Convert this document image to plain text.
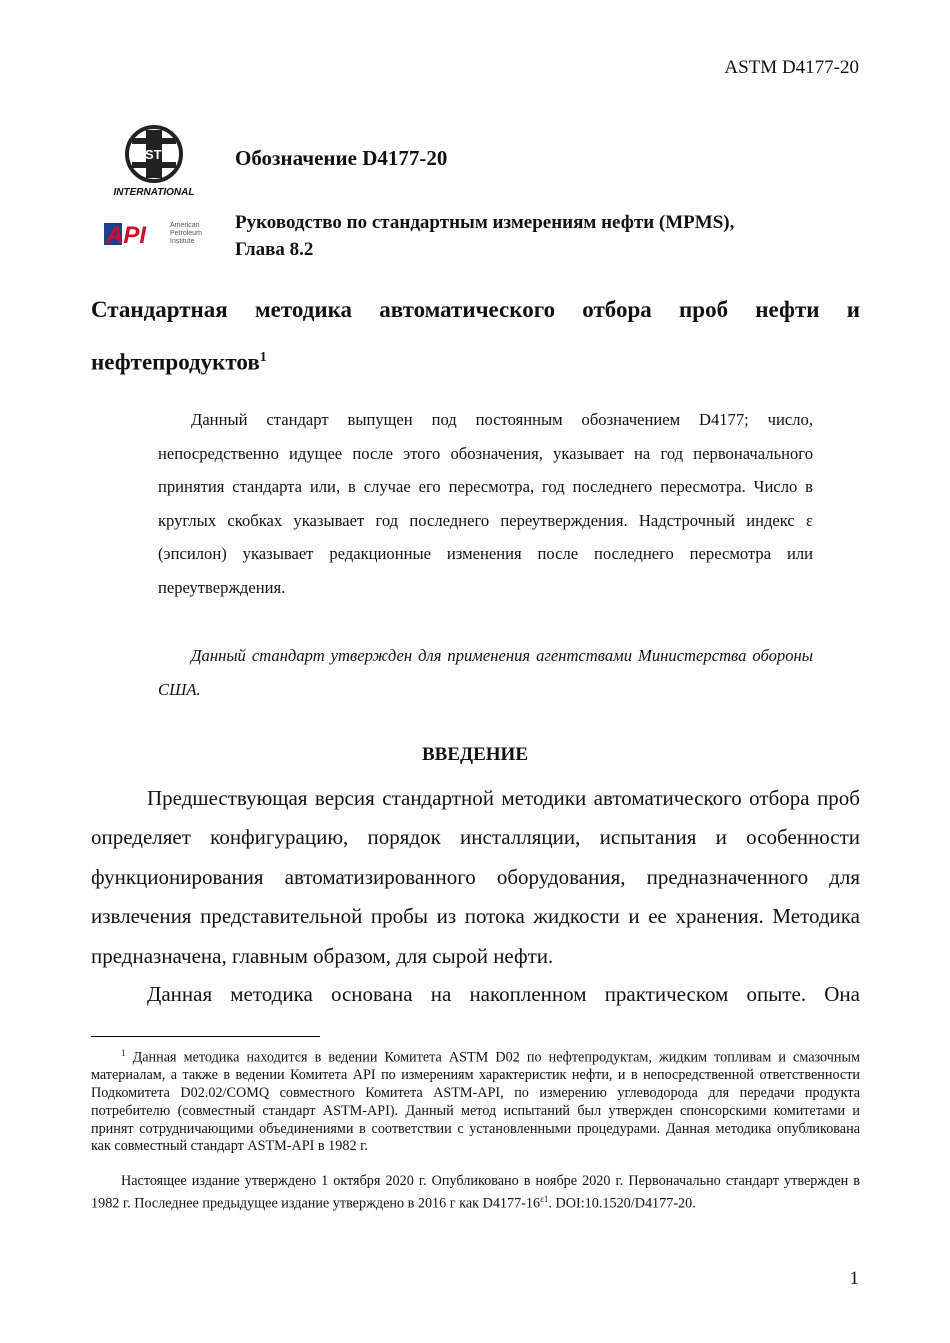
ASTM D4177-20
ASTM
INTERNATIONAL
API	American
Petroleum
Institute
Обозначение D4177-20
Руководство по стандартным измерениям нефти (MPMS),
Глава 8.2
Стандартная методика автоматического отбора проб нефти и нефтепродуктов$^1$

Данный стандарт выпущен под постоянным обозначением D4177; число, непосредственно идущее после этого обозначения, указывает на год первоначального принятия стандарта или, в случае его пересмотра, год последнего пересмотра. Число в круглых скобках указывает год последнего переутверждения. Надстрочный индекс ε (эпсилон) указывает редакционные изменения после последнего пересмотра или переутверждения.

Данный стандарт утвержден для применения агентствами Министерства обороны США.

ВВЕДЕНИЕ

Предшествующая версия стандартной методики автоматического отбора проб определяет конфигурацию, порядок инсталляции, испытания и особенности функционирования автоматизированного оборудования, предназначенного для извлечения представительной пробы из потока жидкости и ее хранения. Методика предназначена, главным образом, для сырой нефти.

Данная методика основана на накопленном практическом опыте. Она

$^1$ Данная методика находится в ведении Комитета ASTM D02 по нефтепродуктам, жидким топливам и смазочным материалам, а также в ведении Комитета API по измерениям характеристик нефти, и в непосредственной ответственности Подкомитета D02.02/COMQ совместного Комитета ASTM-API, по измерению углеводорода для передачи продукта потребителю (совместный стандарт ASTM-API). Данный метод испытаний был утвержден спонсорскими комитетами и принят сотрудничающими объединениями в соответствии с установленными процедурами. Данная методика опубликована как совместный стандарт ASTM-API в 1982 г.

Настоящее издание утверждено 1 октября 2020 г. Опубликовано в ноябре 2020 г. Первоначально стандарт утвержден в 1982 г. Последнее предыдущее издание утверждено в 2016 г как $D4177-16^{\varepsilon 1}$. DOI:10.1520/D4177-20.

1
